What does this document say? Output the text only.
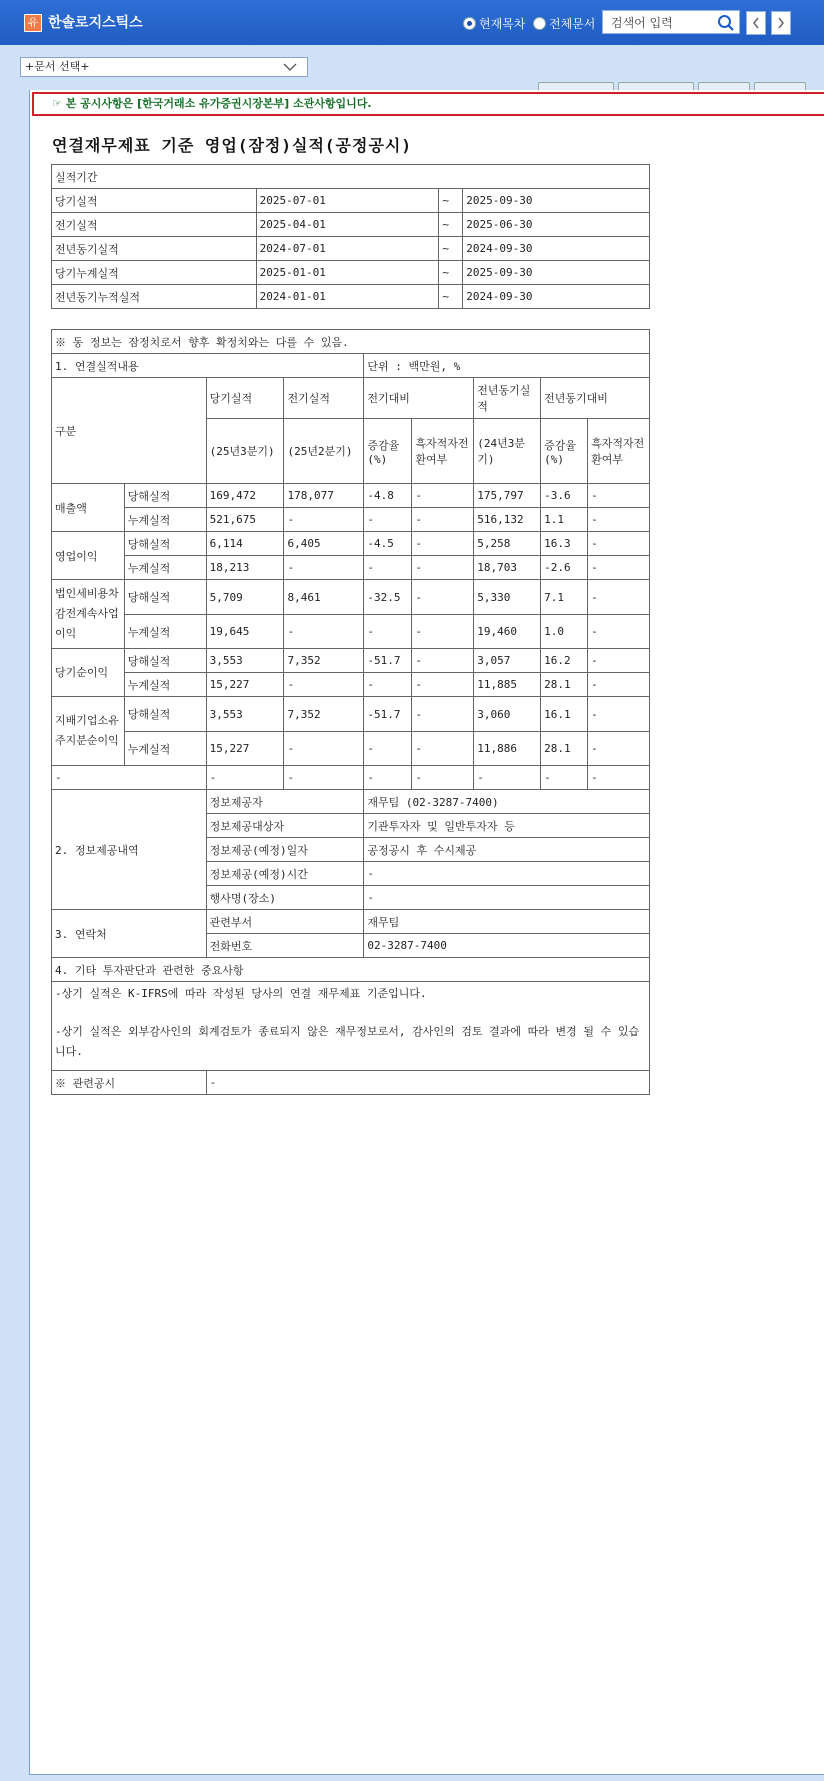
유 한솔로지스틱스	현재목차 전체문서
검색어 입력
+문서 선택+
☞ 본 공시사항은 [한국거래소 유가증권시장본부] 소관사항입니다.
연결재무제표 기준 영업(잠정)실적(공정공시)
실적기간			
당기실적	2025-07-01	~	2025-09-30
전기실적	2025-04-01	~	2025-06-30
전년동기실적	2024-07-01	~	2024-09-30
당기누계실적	2025-01-01	~	2025-09-30
전년동기누적실적	2024-01-01	~	2024-09-30
※ 동 정보는 잠정치로서 향후 확정치와는 다를 수 있음.								
1. 연결실적내용				단위 : 백만원, %				
구분		당기실적	전기실적	전기대비		전년동기실적	전년동기대비	
		(25년3분기)	(25년2분기)	증감율(%)	흑자적자전환여부	(24년3분기)	증감율(%)	흑자적자전환여부
매출액	당해실적	169,472	178,077	-4.8	-	175,797	-3.6	-
	누계실적	521,675	-	-	-	516,132	1.1	-
영업이익	당해실적	6,114	6,405	-4.5	-	5,258	16.3	-
	누계실적	18,213	-	-	-	18,703	-2.6	-
법인세비용차감전계속사업이익	당해실적	5,709	8,461	-32.5	-	5,330	7.1	-
	누계실적	19,645	-	-	-	19,460	1.0	-
당기순이익	당해실적	3,553	7,352	-51.7	-	3,057	16.2	-
	누계실적	15,227	-	-	-	11,885	28.1	-
지배기업소유주지분순이익	당해실적	3,553	7,352	-51.7	-	3,060	16.1	-
	누계실적	15,227	-	-	-	11,886	28.1	-
-		-	-	-	-	-	-	-
2. 정보제공내역		정보제공자		재무팀 (02-3287-7400)				
		정보제공대상자		기관투자자 및 일반투자자 등				
		정보제공(예정)일자		공정공시 후 수시제공				
		정보제공(예정)시간		-				
		행사명(장소)		-				
3. 연락처		관련부서		재무팀				
		전화번호		02-3287-7400				
4. 기타 투자판단과 관련한 중요사항								

-상기 실적은 K-IFRS에 따라 작성된 당사의 연결 재무제표 기준입니다.
-상기 실적은 외부감사인의 회계검토가 종료되지 않은 재무정보로서, 감사인의 검토 결과에 따라 변경 될 수 있습니다.								

※ 관련공시		-						
